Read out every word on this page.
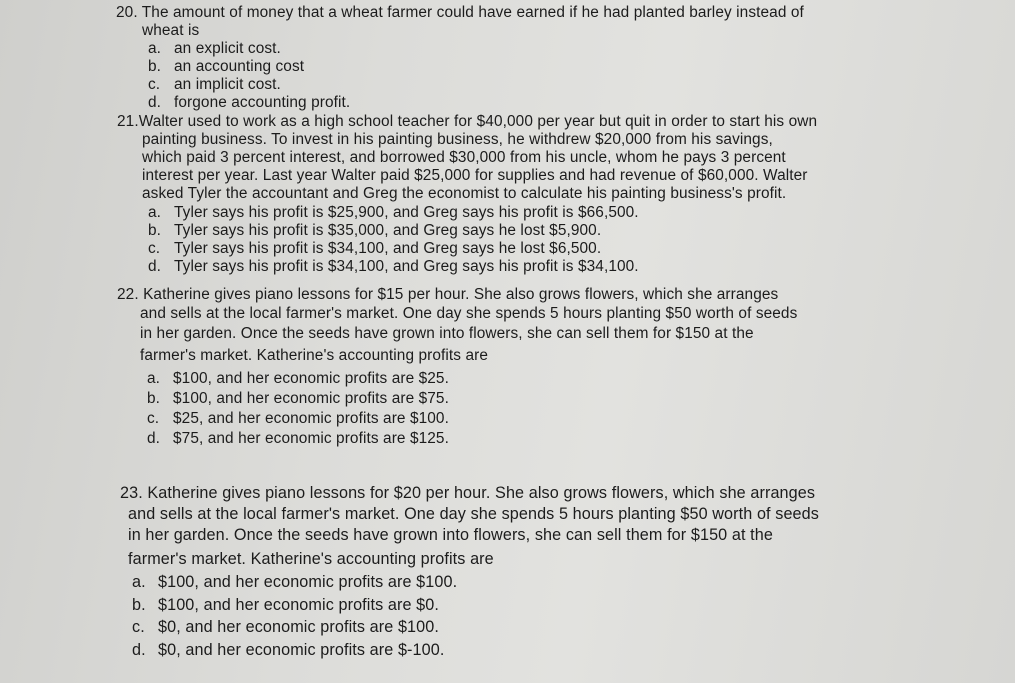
20. The amount of money that a wheat farmer could have earned if he had planted barley instead of
wheat is
a. an explicit cost.
b. an accounting cost
c. an implicit cost.
d. forgone accounting profit.
21.Walter used to work as a high school teacher for $40,000 per year but quit in order to start his own
painting business. To invest in his painting business, he withdrew $20,000 from his savings,
which paid 3 percent interest, and borrowed $30,000 from his uncle, whom he pays 3 percent
interest per year. Last year Walter paid $25,000 for supplies and had revenue of $60,000. Walter
asked Tyler the accountant and Greg the economist to calculate his painting business's profit.
a. Tyler says his profit is $25,900, and Greg says his profit is $66,500.
b. Tyler says his profit is $35,000, and Greg says he lost $5,900.
c. Tyler says his profit is $34,100, and Greg says he lost $6,500.
d. Tyler says his profit is $34,100, and Greg says his profit is $34,100.
22. Katherine gives piano lessons for $15 per hour. She also grows flowers, which she arranges
and sells at the local farmer's market. One day she spends 5 hours planting $50 worth of seeds
in her garden. Once the seeds have grown into flowers, she can sell them for $150 at the
farmer's market. Katherine's accounting profits are
a. $100, and her economic profits are $25.
b. $100, and her economic profits are $75.
c. $25, and her economic profits are $100.
d. $75, and her economic profits are $125.
23. Katherine gives piano lessons for $20 per hour. She also grows flowers, which she arranges
and sells at the local farmer's market. One day she spends 5 hours planting $50 worth of seeds
in her garden. Once the seeds have grown into flowers, she can sell them for $150 at the
farmer's market. Katherine's accounting profits are
a. $100, and her economic profits are $100.
b. $100, and her economic profits are $0.
c. $0, and her economic profits are $100.
d. $0, and her economic profits are $-100.
